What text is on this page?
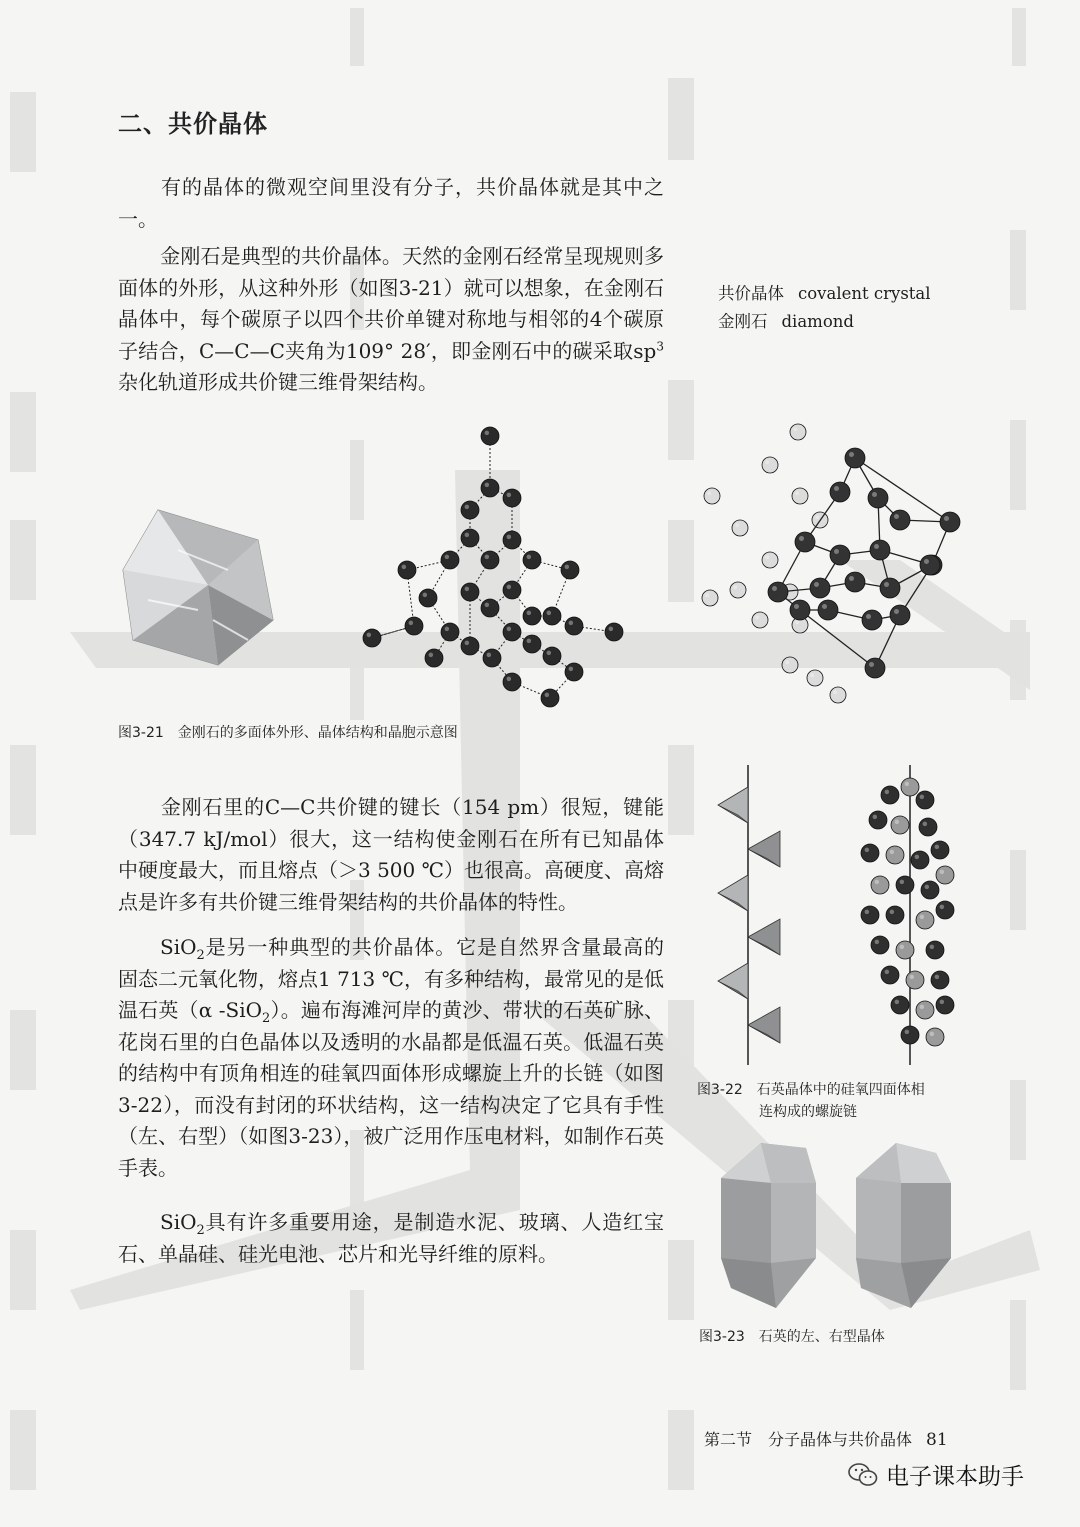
二、共价晶体
有的晶体的微观空间里没有分子，共价晶体就是其中之一。
金刚石是典型的共价晶体。天然的金刚石经常呈现规则多面体的外形，从这种外形（如图3-21）就可以想象，在金刚石晶体中，每个碳原子以四个共价单键对称地与相邻的4个碳原子结合，C—C—C夹角为109° 28′，即金刚石中的碳采取$sp^3$杂化轨道形成共价键三维骨架结构。
共价晶体 covalent crystal
金刚石 diamond
图3-21　金刚石的多面体外形、晶体结构和晶胞示意图
金刚石里的C—C共价键的键长（154 pm）很短，键能（347.7 kJ/mol）很大，这一结构使金刚石在所有已知晶体中硬度最大，而且熔点（＞3 500 ℃）也很高。高硬度、高熔点是许多有共价键三维骨架结构的共价晶体的特性。
SiO$_2$是另一种典型的共价晶体。它是自然界含量最高的固态二元氧化物，熔点1 713 ℃，有多种结构，最常见的是低温石英（α -SiO$_2$）。遍布海滩河岸的黄沙、带状的石英矿脉、花岗石里的白色晶体以及透明的水晶都是低温石英。低温石英的结构中有顶角相连的硅氧四面体形成螺旋上升的长链（如图3-22），而没有封闭的环状结构，这一结构决定了它具有手性（左、右型）（如图3-23），被广泛用作压电材料，如制作石英手表。
SiO$_2$具有许多重要用途，是制造水泥、玻璃、人造红宝石、单晶硅、硅光电池、芯片和光导纤维的原料。
图3-22　石英晶体中的硅氧四面体相
连构成的螺旋链
图3-23　石英的左、右型晶体
第二节　分子晶体与共价晶体 81
电子课本助手
